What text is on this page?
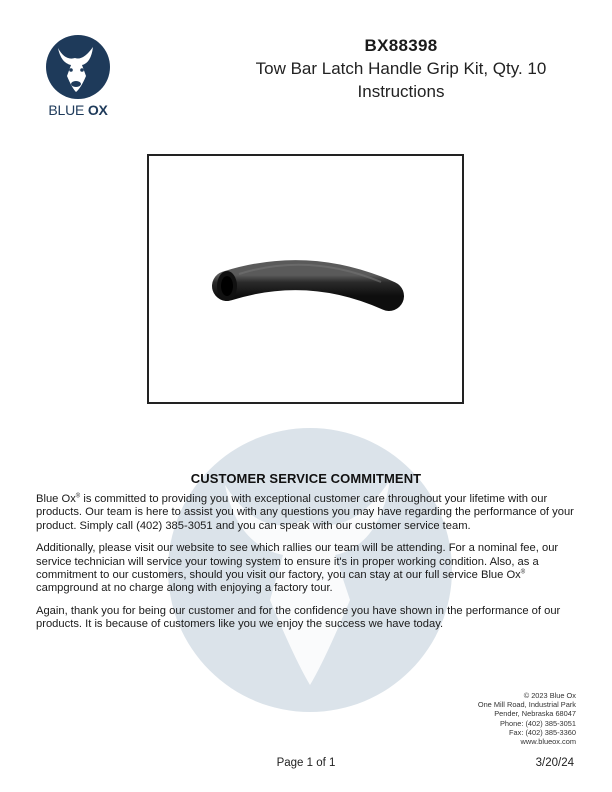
BLUE OX
BX88398
Tow Bar Latch Handle Grip Kit, Qty. 10
Instructions
CUSTOMER SERVICE COMMITMENT

Blue Ox® is committed to providing you with exceptional customer care throughout your lifetime with our products. Our team is here to assist you with any questions you may have regarding the performance of your product. Simply call (402) 385-3051 and you can speak with our customer service team.

Additionally, please visit our website to see which rallies our team will be attending. For a nominal fee, our service technician will service your towing system to ensure it's in proper working condition. Also, as a commitment to our customers, should you visit our factory, you can stay at our full service Blue Ox® campground at no charge along with enjoying a factory tour.

Again, thank you for being our customer and for the confidence you have shown in the performance of our products. It is because of customers like you we enjoy the success we have today.

© 2023 Blue Ox
One Mill Road, Industrial Park
Pender, Nebraska 68047
Phone: (402) 385-3051
Fax: (402) 385-3360
www.blueox.com
Page 1 of 1	3/20/24
